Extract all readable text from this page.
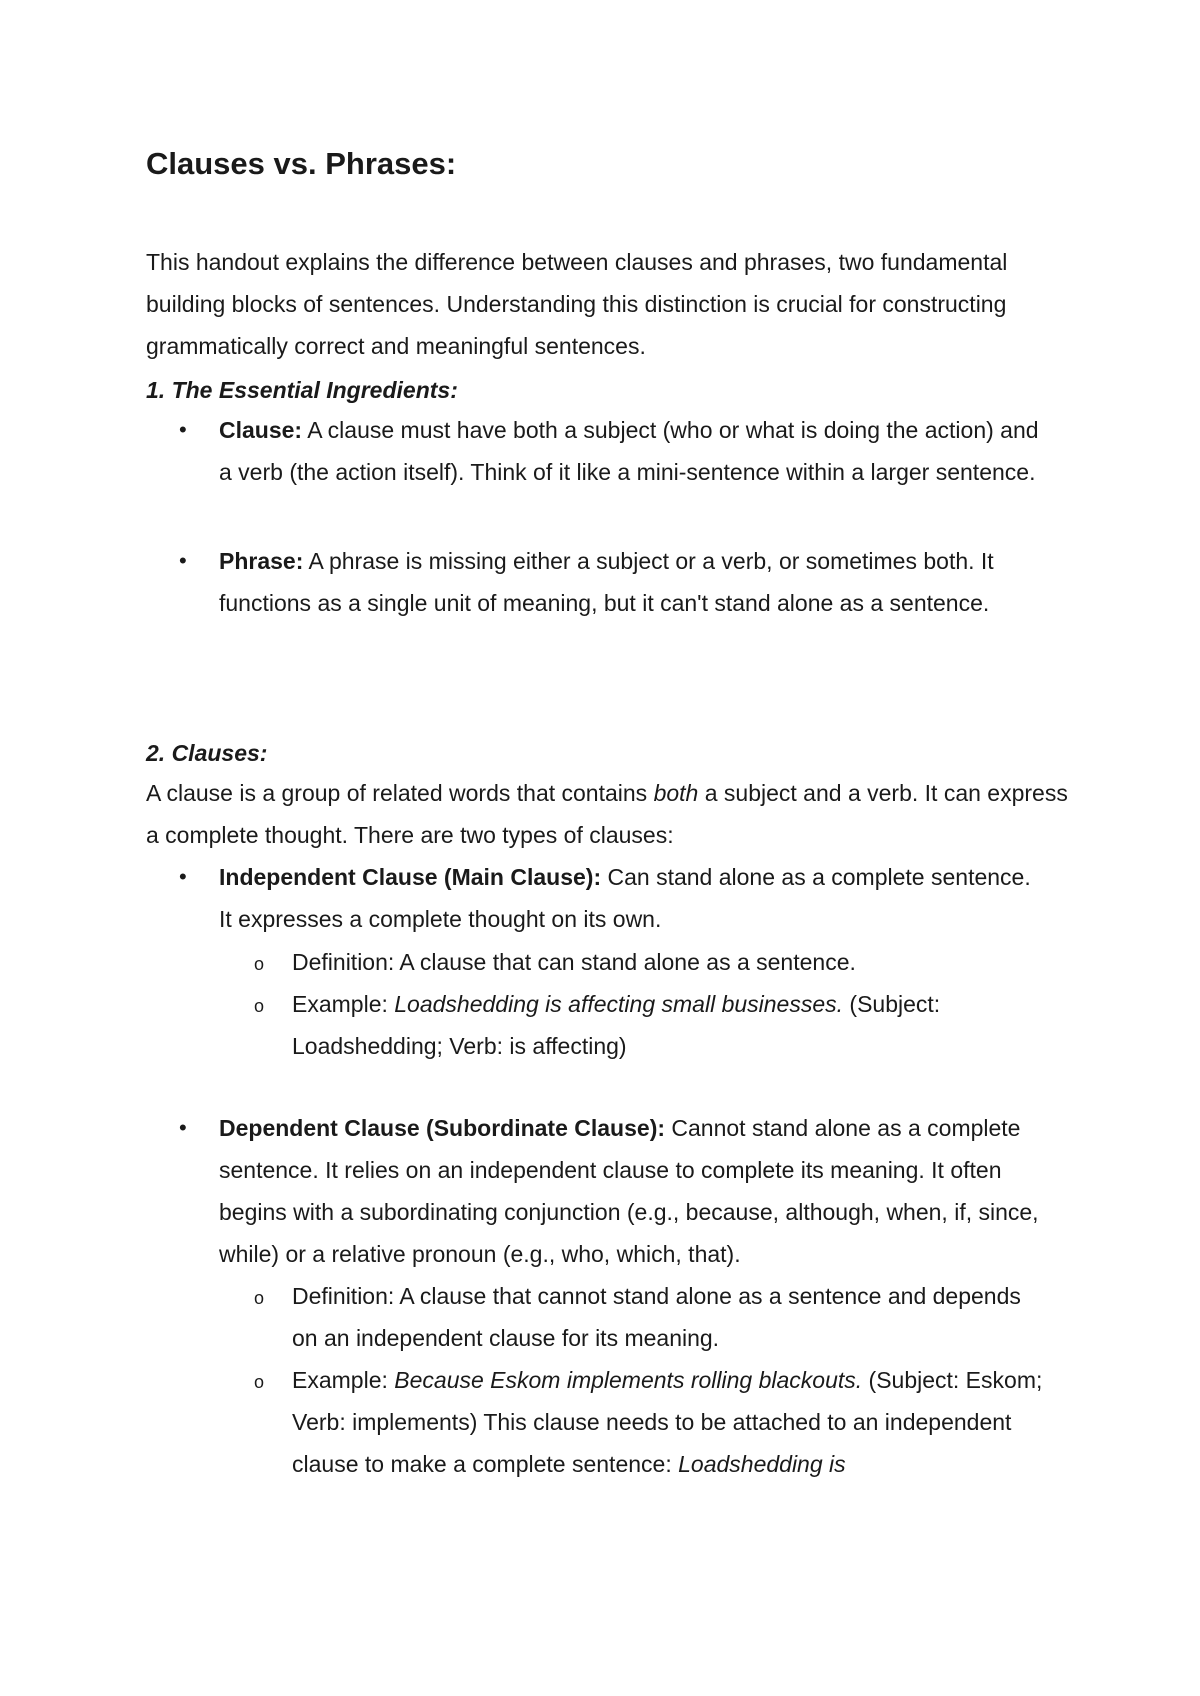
Clauses vs. Phrases:

This handout explains the difference between clauses and phrases, two fundamental building blocks of sentences. Understanding this distinction is crucial for constructing grammatically correct and meaningful sentences.

1. The Essential Ingredients:

• Clause: A clause must have both a subject (who or what is doing the action) and a verb (the action itself). Think of it like a mini-sentence within a larger sentence.

• Phrase: A phrase is missing either a subject or a verb, or sometimes both. It functions as a single unit of meaning, but it can't stand alone as a sentence.

2. Clauses:

A clause is a group of related words that contains both a subject and a verb. It can express a complete thought. There are two types of clauses:

• Independent Clause (Main Clause): Can stand alone as a complete sentence. It expresses a complete thought on its own.

o Definition: A clause that can stand alone as a sentence.

o Example: Loadshedding is affecting small businesses. (Subject: Loadshedding; Verb: is affecting)

• Dependent Clause (Subordinate Clause): Cannot stand alone as a complete sentence. It relies on an independent clause to complete its meaning. It often begins with a subordinating conjunction (e.g., because, although, when, if, since, while) or a relative pronoun (e.g., who, which, that).

o Definition: A clause that cannot stand alone as a sentence and depends on an independent clause for its meaning.

o Example: Because Eskom implements rolling blackouts. (Subject: Eskom; Verb: implements) This clause needs to be attached to an independent clause to make a complete sentence: Loadshedding is
